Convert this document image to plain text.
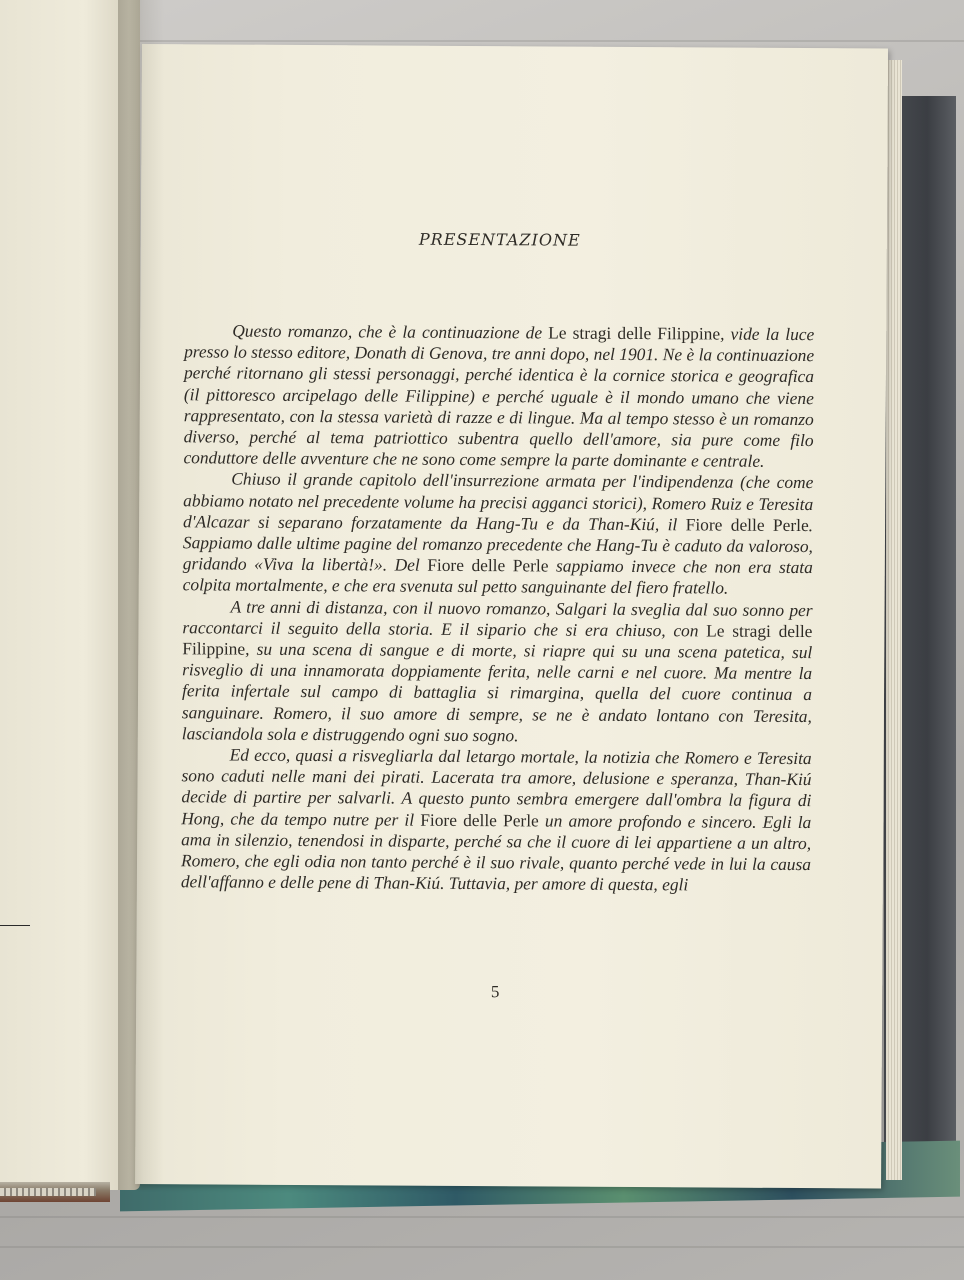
PRESENTAZIONE

Questo romanzo, che è la continuazione de Le stragi delle Filippine, vide la luce presso lo stesso editore, Donath di Genova, tre anni dopo, nel 1901. Ne è la continuazione perché ritornano gli stessi personaggi, perché identica è la cornice storica e geografica (il pittoresco arcipelago delle Filippine) e perché uguale è il mondo umano che viene rappresentato, con la stessa varietà di razze e di lingue. Ma al tempo stesso è un romanzo diverso, perché al tema patriottico subentra quello dell'amore, sia pure come filo conduttore delle avventure che ne sono come sempre la parte dominante e centrale.

Chiuso il grande capitolo dell'insurrezione armata per l'indipendenza (che come abbiamo notato nel precedente volume ha precisi agganci storici), Romero Ruiz e Teresita d'Alcazar si separano forzatamente da Hang-Tu e da Than-Kiú, il Fiore delle Perle. Sappiamo dalle ultime pagine del romanzo precedente che Hang-Tu è caduto da valoroso, gridando «Viva la libertà!». Del Fiore delle Perle sappiamo invece che non era stata colpita mortalmente, e che era svenuta sul petto sanguinante del fiero fratello.

A tre anni di distanza, con il nuovo romanzo, Salgari la sveglia dal suo sonno per raccontarci il seguito della storia. E il sipario che si era chiuso, con Le stragi delle Filippine, su una scena di sangue e di morte, si riapre qui su una scena patetica, sul risveglio di una innamorata doppiamente ferita, nelle carni e nel cuore. Ma mentre la ferita infertale sul campo di battaglia si rimargina, quella del cuore continua a sanguinare. Romero, il suo amore di sempre, se ne è andato lontano con Teresita, lasciandola sola e distruggendo ogni suo sogno.

Ed ecco, quasi a risvegliarla dal letargo mortale, la notizia che Romero e Teresita sono caduti nelle mani dei pirati. Lacerata tra amore, delusione e speranza, Than-Kiú decide di partire per salvarli. A questo punto sembra emergere dall'ombra la figura di Hong, che da tempo nutre per il Fiore delle Perle un amore profondo e sincero. Egli la ama in silenzio, tenendosi in disparte, perché sa che il cuore di lei appartiene a un altro, Romero, che egli odia non tanto perché è il suo rivale, quanto perché vede in lui la causa dell'affanno e delle pene di Than-Kiú. Tuttavia, per amore di questa, egli

5
